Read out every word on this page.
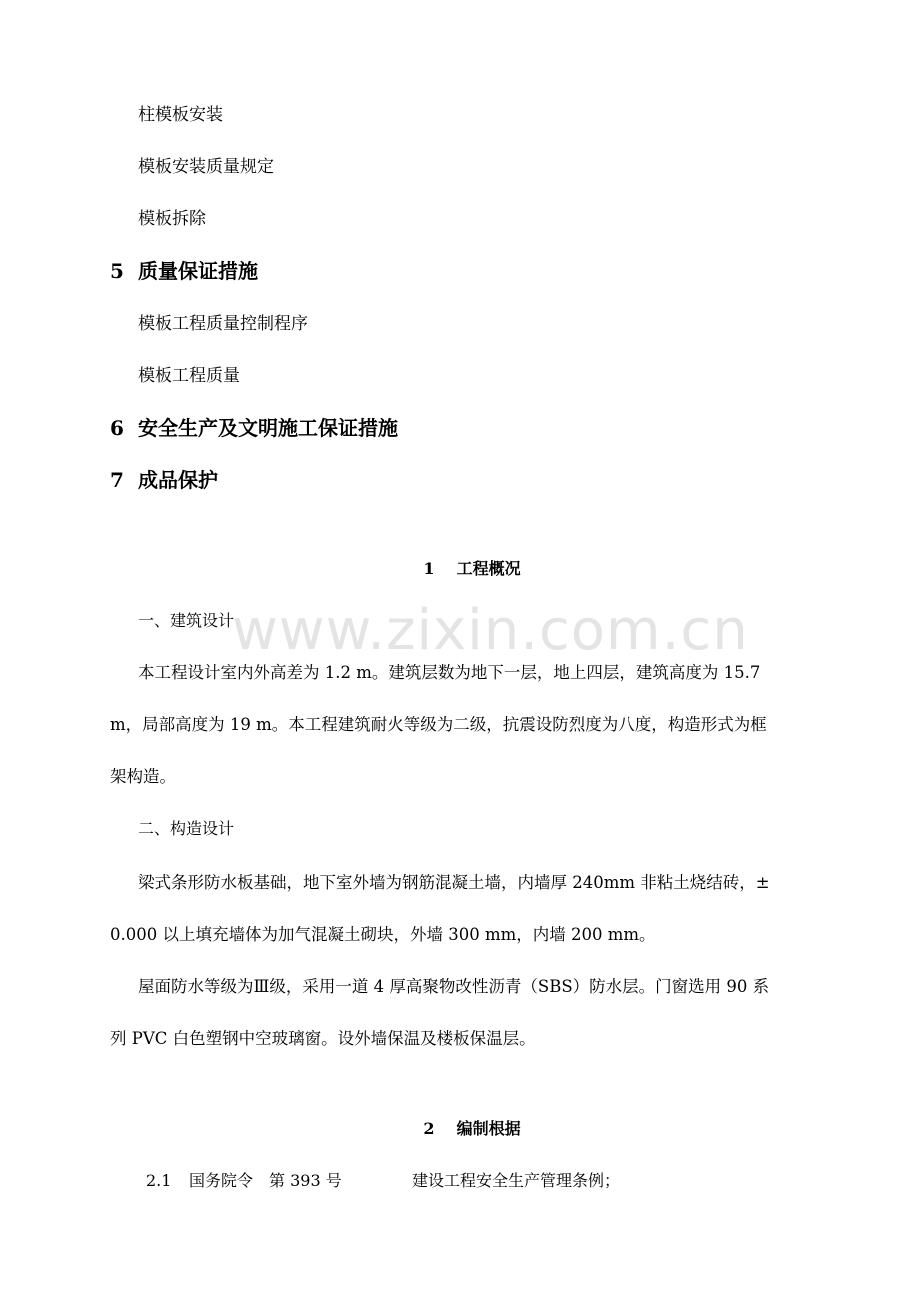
www.zixin.com.cn
柱模板安装
模板安装质量规定
模板拆除
5 质量保证措施
模板工程质量控制程序
模板工程质量
6 安全生产及文明施工保证措施
7 成品保护
1 工程概况
一、建筑设计
本工程设计室内外高差为 1.2 m。建筑层数为地下一层，地上四层，建筑高度为 15.7
m，局部高度为 19 m。本工程建筑耐火等级为二级，抗震设防烈度为八度，构造形式为框
架构造。
二、构造设计
梁式条形防水板基础，地下室外墙为钢筋混凝土墙，内墙厚 240mm 非粘土烧结砖，±
0.000 以上填充墙体为加气混凝土砌块，外墙 300 mm，内墙 200 mm。
屋面防水等级为Ⅲ级，采用一道 4 厚高聚物改性沥青（SBS）防水层。门窗选用 90 系
列 PVC 白色塑钢中空玻璃窗。设外墙保温及楼板保温层。
2 编制根据
2.1 国务院令　第 393 号	建设工程安全生产管理条例；
